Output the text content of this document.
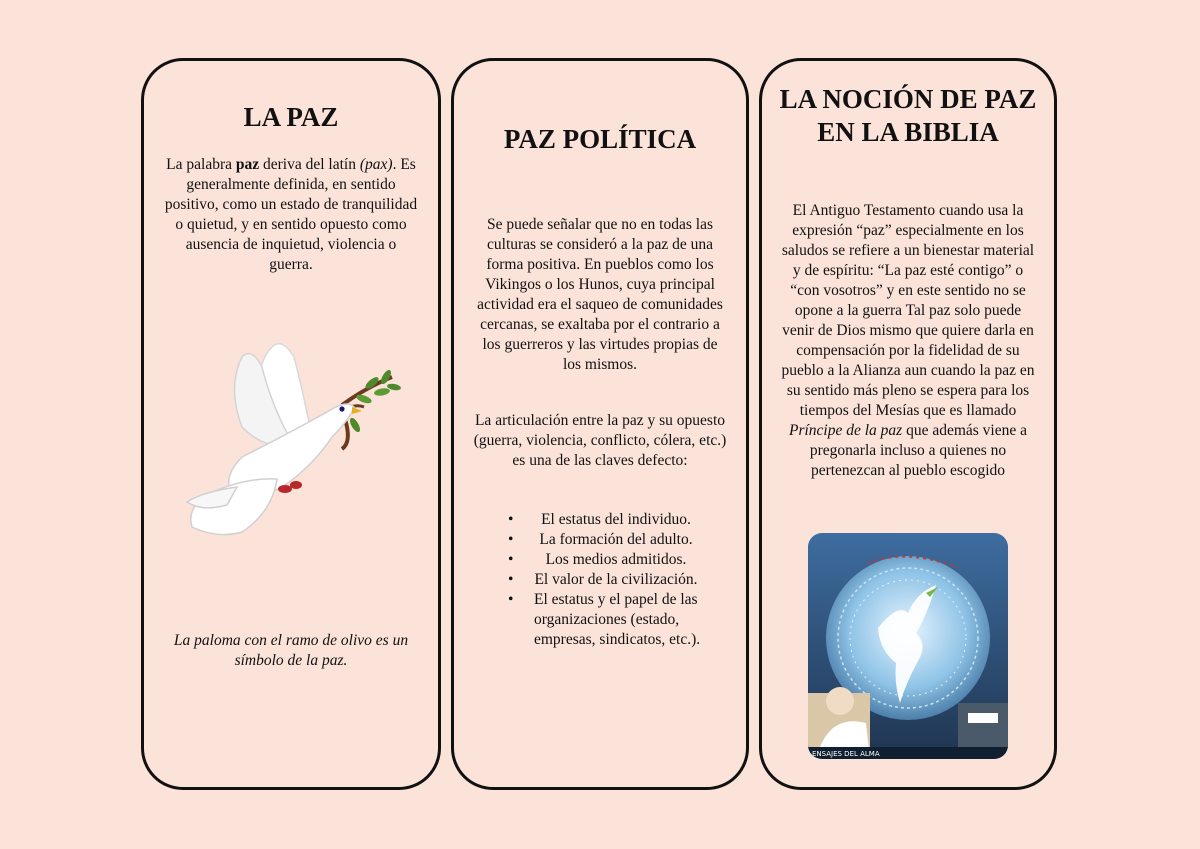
LA PAZ

La palabra paz deriva del latín (pax). Es generalmente definida, en sentido positivo, como un estado de tranquilidad o quietud, y en sentido opuesto como ausencia de inquietud, violencia o guerra.

La paloma con el ramo de olivo es un símbolo de la paz.

PAZ POLÍTICA

Se puede señalar que no en todas las culturas se consideró a la paz de una forma positiva. En pueblos como los Vikingos o los Hunos, cuya principal actividad era el saqueo de comunidades cercanas, se exaltaba por el contrario a los guerreros y las virtudes propias de los mismos.

La articulación entre la paz y su opuesto (guerra, violencia, conflicto, cólera, etc.) es una de las claves defecto:

• El estatus del individuo.
• La formación del adulto.
• Los medios admitidos.
• El valor de la civilización.
• El estatus y el papel de las organizaciones (estado, empresas, sindicatos, etc.).
LA NOCIÓN DE PAZ EN LA BIBLIA

El Antiguo Testamento cuando usa la expresión “paz” especialmente en los saludos se refiere a un bienestar material y de espíritu: “La paz esté contigo” o “con vosotros” y en este sentido no se opone a la guerra Tal paz solo puede venir de Dios mismo que quiere darla en compensación por la fidelidad de su pueblo a la Alianza aun cuando la paz en su sentido más pleno se espera para los tiempos del Mesías que es llamado Príncipe de la paz que además viene a pregonarla incluso a quienes no pertenezcan al pueblo escogido

ENSAJES DEL ALMA
